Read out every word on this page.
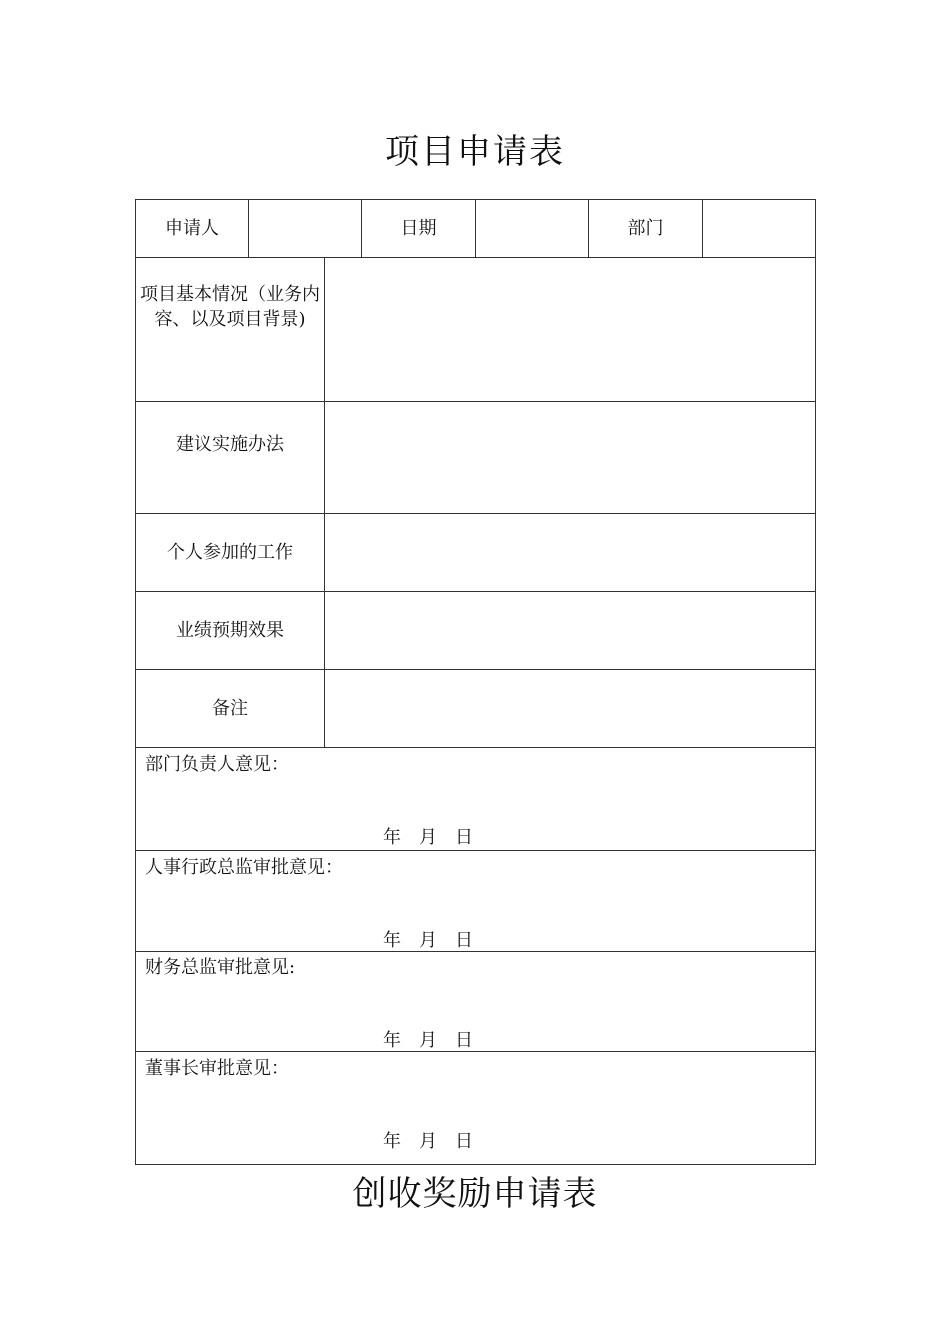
项目申请表
申请人	日期	部门
项目基本情况（业务内容、以及项目背景)
建议实施办法
个人参加的工作
业绩预期效果
备注
部门负责人意见：
年 月 日
人事行政总监审批意见：
年 月 日
财务总监审批意见:
年 月 日
董事长审批意见：
年 月 日
创收奖励申请表
